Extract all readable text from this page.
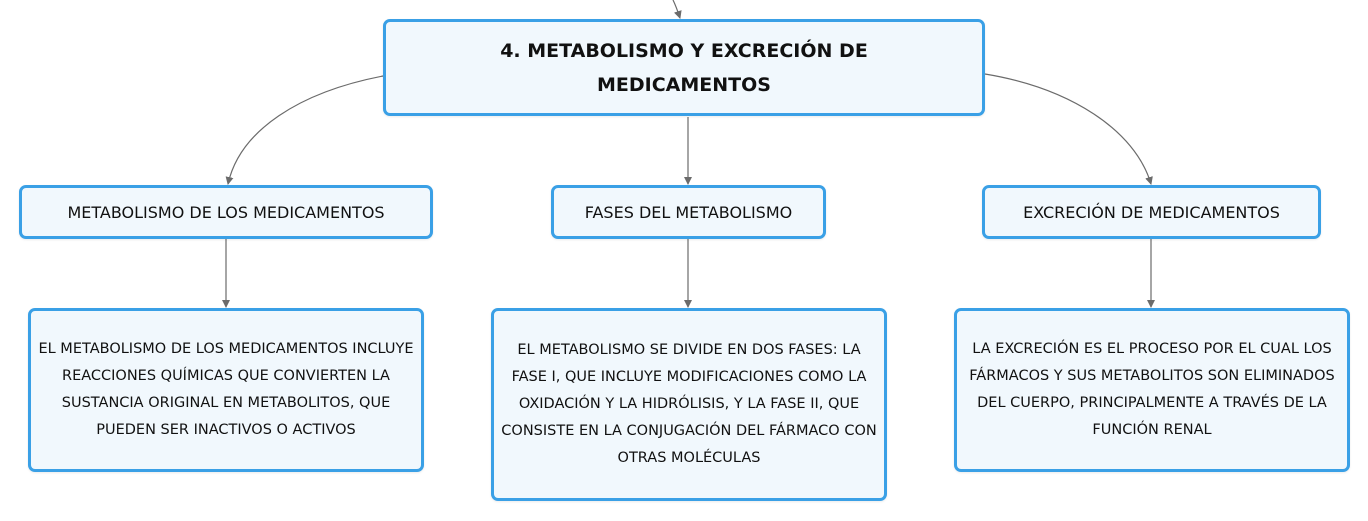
4. METABOLISMO Y EXCRECIÓN DE MEDICAMENTOS
METABOLISMO DE LOS MEDICAMENTOS	FASES DEL METABOLISMO	EXCRECIÓN DE MEDICAMENTOS
EL METABOLISMO DE LOS MEDICAMENTOS INCLUYE REACCIONES QUÍMICAS QUE CONVIERTEN LA SUSTANCIA ORIGINAL EN METABOLITOS, QUE PUEDEN SER INACTIVOS O ACTIVOS
EL METABOLISMO SE DIVIDE EN DOS FASES: LA FASE I, QUE INCLUYE MODIFICACIONES COMO LA OXIDACIÓN Y LA HIDRÓLISIS, Y LA FASE II, QUE CONSISTE EN LA CONJUGACIÓN DEL FÁRMACO CON OTRAS MOLÉCULAS
LA EXCRECIÓN ES EL PROCESO POR EL CUAL LOS FÁRMACOS Y SUS METABOLITOS SON ELIMINADOS DEL CUERPO, PRINCIPALMENTE A TRAVÉS DE LA FUNCIÓN RENAL
